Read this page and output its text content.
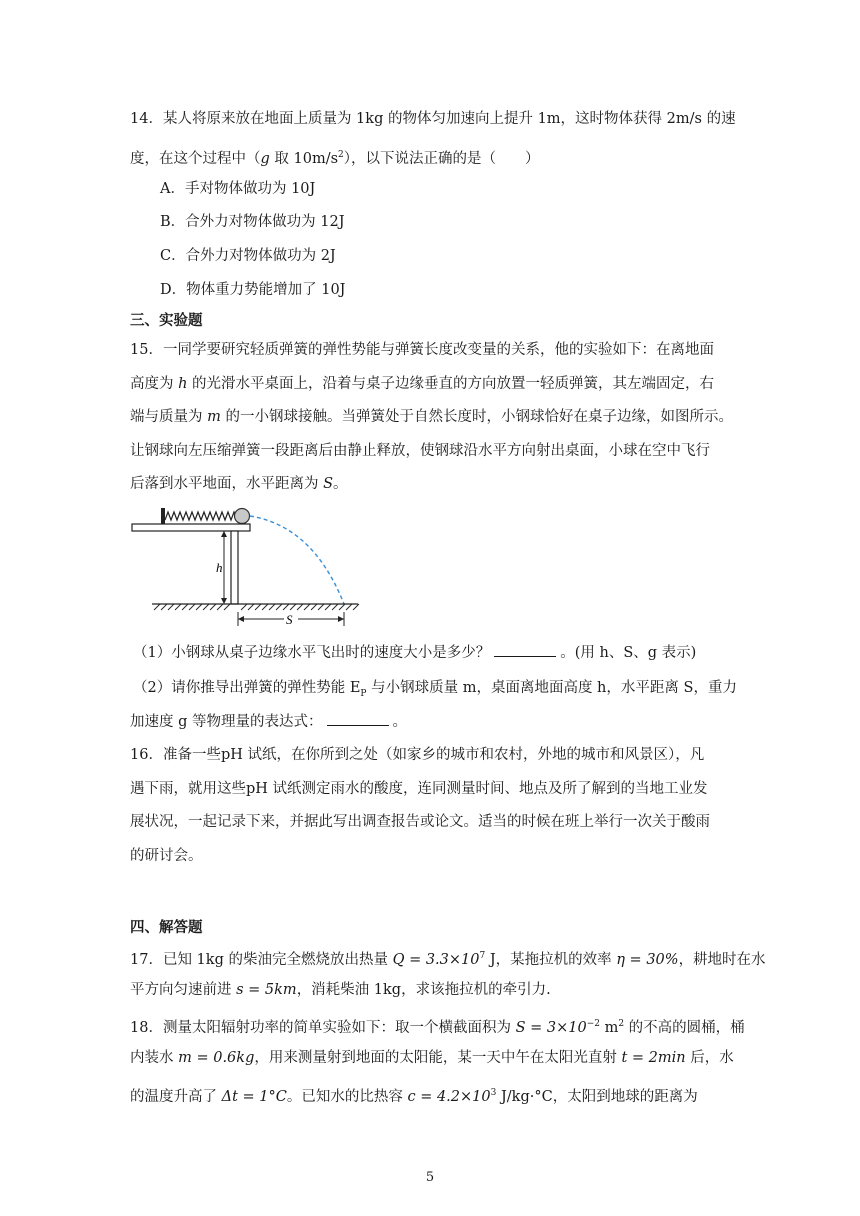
14．某人将原来放在地面上质量为 1kg 的物体匀加速向上提升 1m，这时物体获得 2m/s 的速
度，在这个过程中（g 取 $10m/s^2$），以下说法正确的是（　　）
A．手对物体做功为 10J
B．合外力对物体做功为 12J
C．合外力对物体做功为 2J
D．物体重力势能增加了 10J
三、实验题
15．一同学要研究轻质弹簧的弹性势能与弹簧长度改变量的关系，他的实验如下：在离地面
高度为 h 的光滑水平桌面上，沿着与桌子边缘垂直的方向放置一轻质弹簧，其左端固定，右
端与质量为 m 的一小钢球接触。当弹簧处于自然长度时，小钢球恰好在桌子边缘，如图所示。
让钢球向左压缩弹簧一段距离后由静止释放，使钢球沿水平方向射出桌面，小球在空中飞行
后落到水平地面，水平距离为 S。
h
S
（1）小钢球从桌子边缘水平飞出时的速度大小是多少？	。(用 h、S、g 表示)
（2）请你推导出弹簧的弹性势能 $E_P$ 与小钢球质量 m，桌面离地面高度 h，水平距离 S，重力
加速度 g 等物理量的表达式：	。
16．准备一些pH 试纸，在你所到之处（如家乡的城市和农村，外地的城市和风景区），凡
遇下雨，就用这些pH 试纸测定雨水的酸度，连同测量时间、地点及所了解到的当地工业发
展状况，一起记录下来，并据此写出调查报告或论文。适当的时候在班上举行一次关于酸雨
的研讨会。
四、解答题
17．已知 1kg 的柴油完全燃烧放出热量 $Q = 3.3\times 10^7$ J，某拖拉机的效率 η = 30%，耕地时在水
平方向匀速前进 s = 5km，消耗柴油 1kg，求该拖拉机的牵引力.
18．测量太阳辐射功率的简单实验如下：取一个横截面积为 $S = 3\times 10^{-2}$ $m^2$ 的不高的圆桶，桶
内装水 m = 0.6kg，用来测量射到地面的太阳能，某一天中午在太阳光直射 t = 2min 后，水
的温度升高了 Δt = 1°C。已知水的比热容 $c = 4.2\times 10^3$ J/kg·°C，太阳到地球的距离为
5
